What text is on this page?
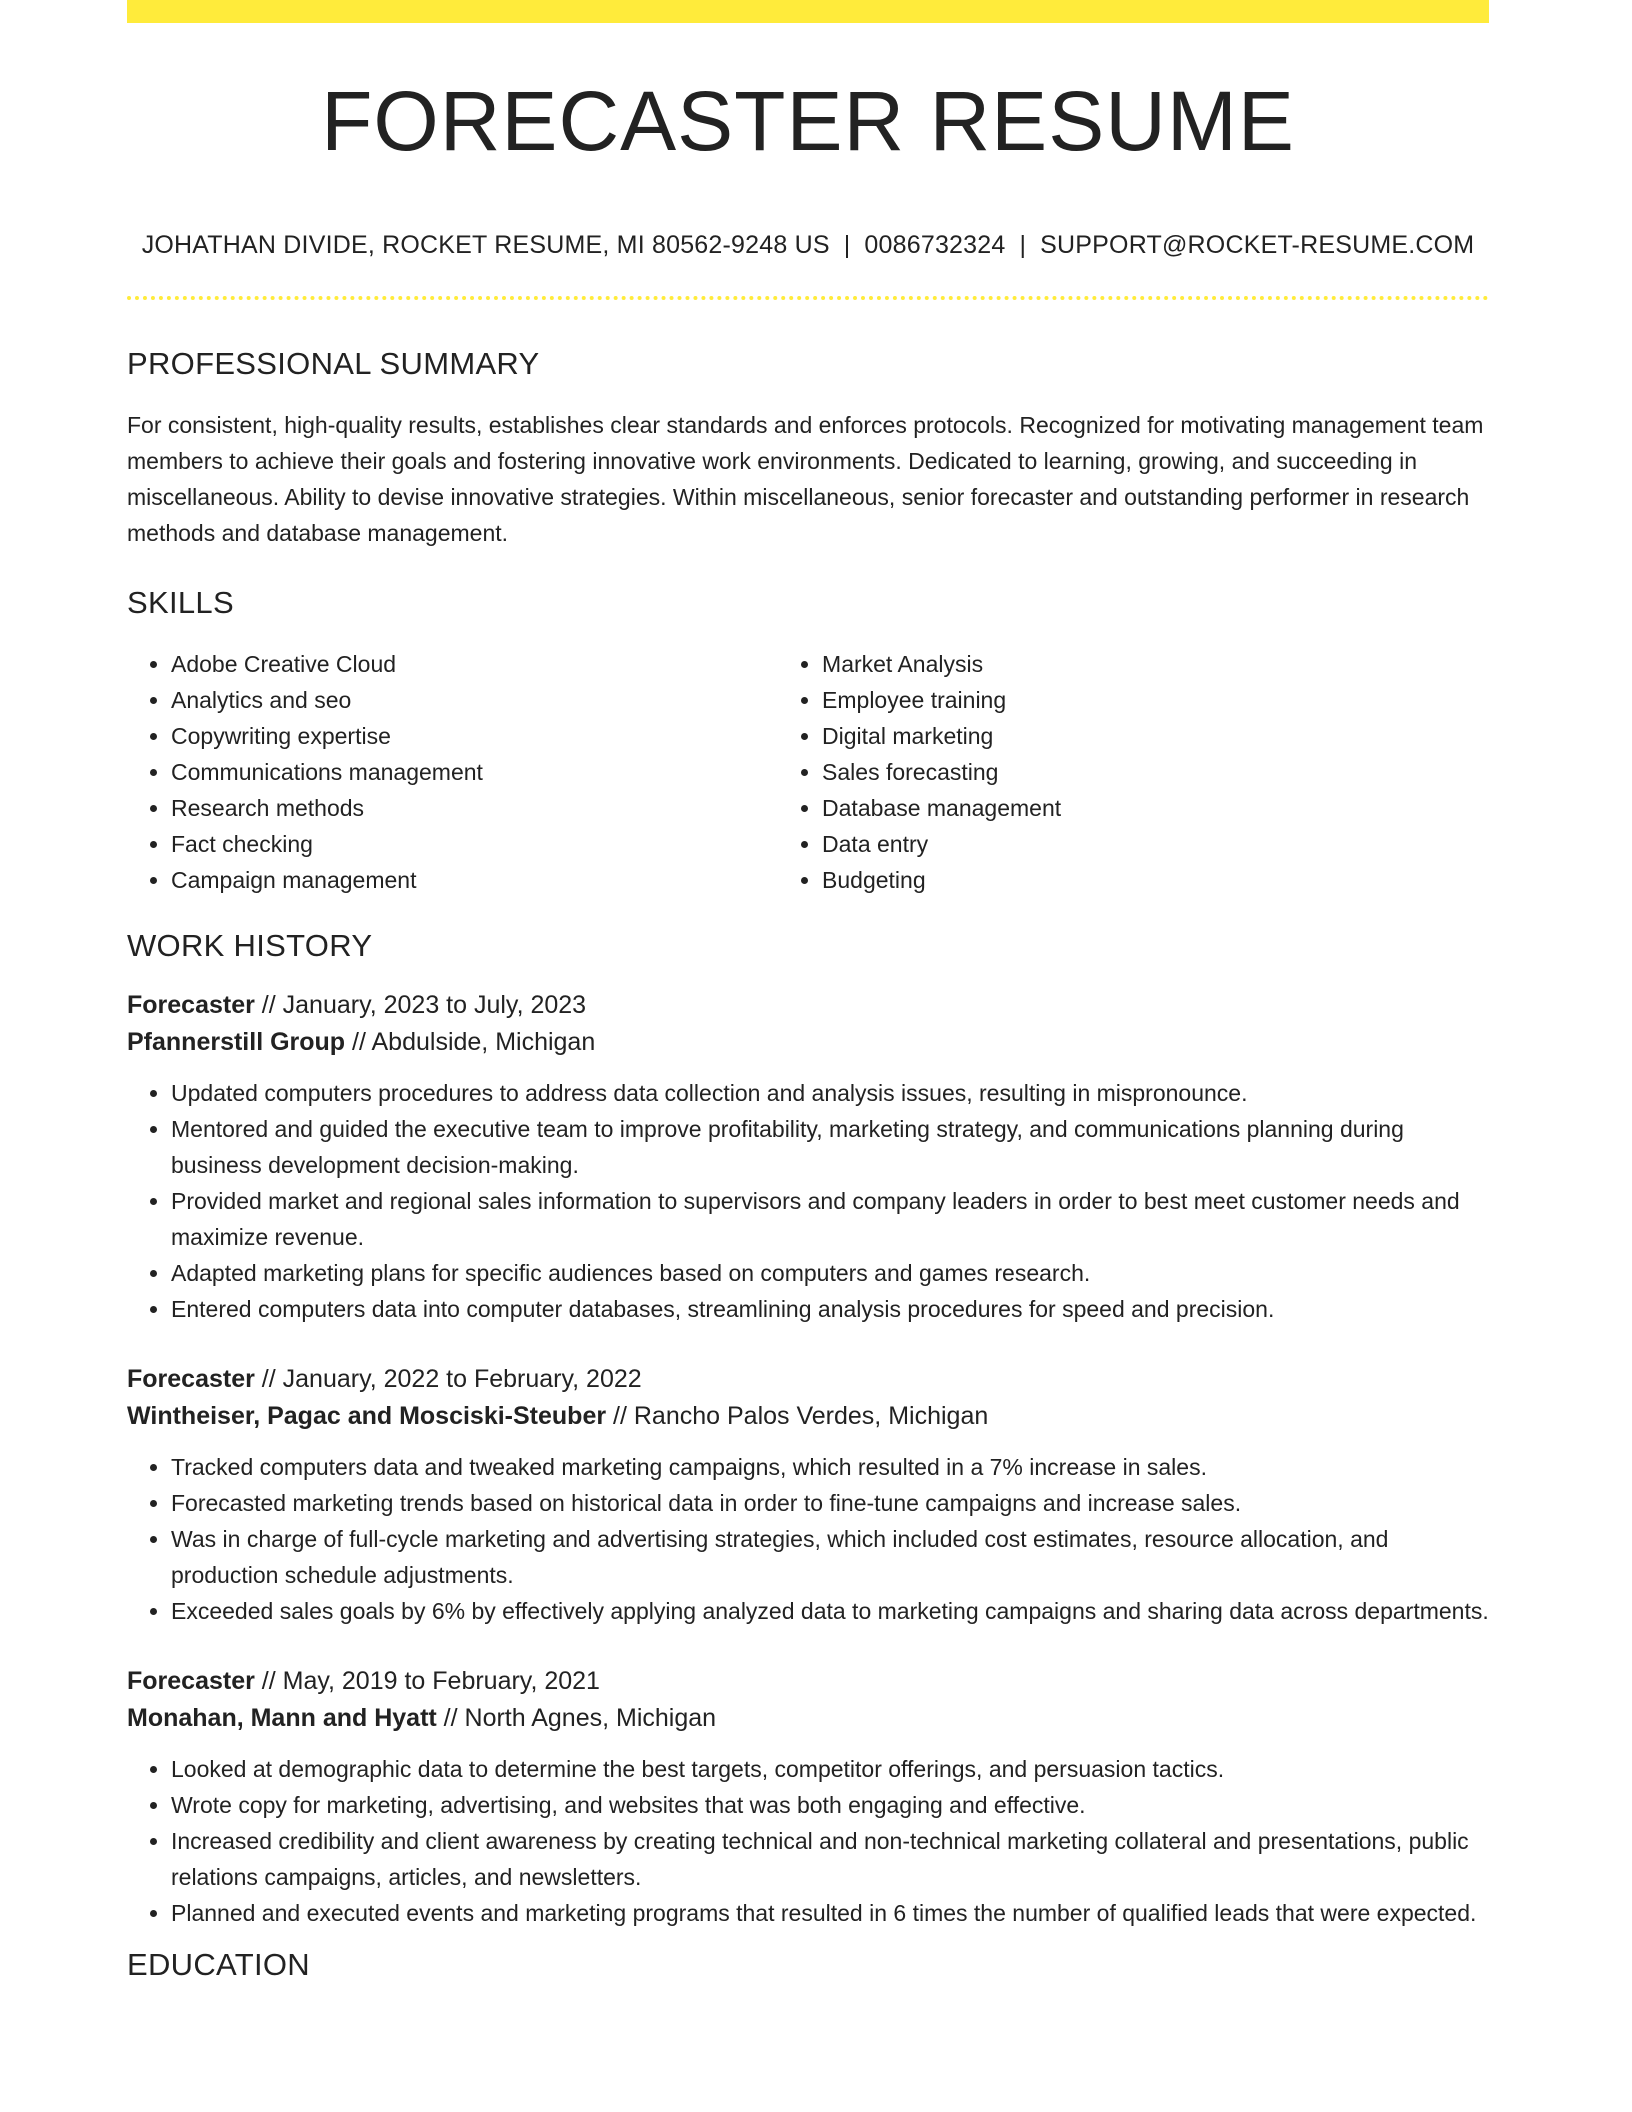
FORECASTER RESUME
JOHATHAN DIVIDE, ROCKET RESUME, MI 80562-9248 US | 0086732324 | SUPPORT@ROCKET-RESUME.COM
PROFESSIONAL SUMMARY

For consistent, high-quality results, establishes clear standards and enforces protocols. Recognized for motivating management team members to achieve their goals and fostering innovative work environments. Dedicated to learning, growing, and succeeding in miscellaneous. Ability to devise innovative strategies. Within miscellaneous, senior forecaster and outstanding performer in research methods and database management.

SKILLS
• Adobe Creative Cloud
• Analytics and seo
• Copywriting expertise
• Communications management
• Research methods
• Fact checking
• Campaign management
• Market Analysis
• Employee training
• Digital marketing
• Sales forecasting
• Database management
• Data entry
• Budgeting
WORK HISTORY
Forecaster // January, 2023 to July, 2023
Pfannerstill Group // Abdulside, Michigan
• Updated computers procedures to address data collection and analysis issues, resulting in mispronounce.
• Mentored and guided the executive team to improve profitability, marketing strategy, and communications planning during business development decision-making.
• Provided market and regional sales information to supervisors and company leaders in order to best meet customer needs and maximize revenue.
• Adapted marketing plans for specific audiences based on computers and games research.
• Entered computers data into computer databases, streamlining analysis procedures for speed and precision.
Forecaster // January, 2022 to February, 2022
Wintheiser, Pagac and Mosciski-Steuber // Rancho Palos Verdes, Michigan
• Tracked computers data and tweaked marketing campaigns, which resulted in a 7% increase in sales.
• Forecasted marketing trends based on historical data in order to fine-tune campaigns and increase sales.
• Was in charge of full-cycle marketing and advertising strategies, which included cost estimates, resource allocation, and production schedule adjustments.
• Exceeded sales goals by 6% by effectively applying analyzed data to marketing campaigns and sharing data across departments.
Forecaster // May, 2019 to February, 2021
Monahan, Mann and Hyatt // North Agnes, Michigan
• Looked at demographic data to determine the best targets, competitor offerings, and persuasion tactics.
• Wrote copy for marketing, advertising, and websites that was both engaging and effective.
• Increased credibility and client awareness by creating technical and non-technical marketing collateral and presentations, public relations campaigns, articles, and newsletters.
• Planned and executed events and marketing programs that resulted in 6 times the number of qualified leads that were expected.
EDUCATION
